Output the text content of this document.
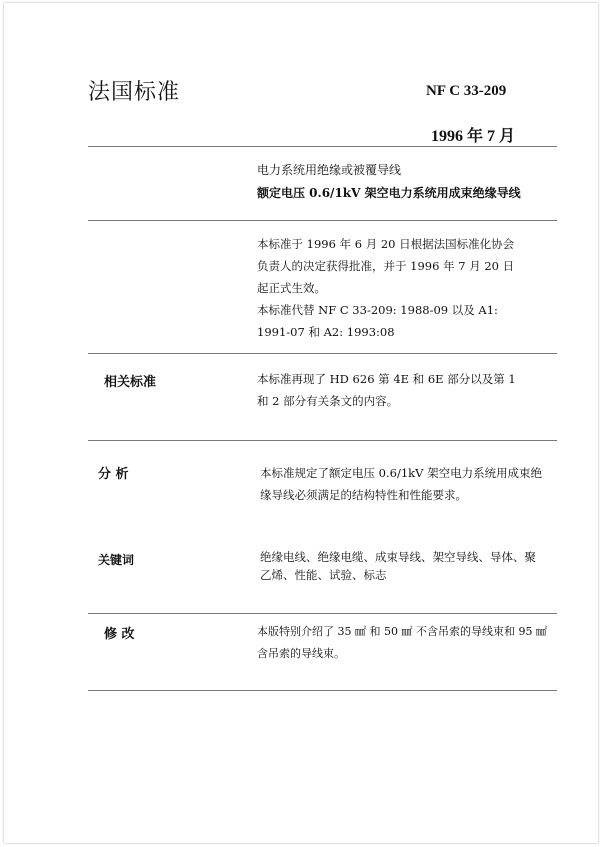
法国标准	NF C 33-209
1996 年 7 月
电力系统用绝缘或被覆导线
额定电压 0.6/1kV 架空电力系统用成束绝缘导线
本标准于 1996 年 6 月 20 日根据法国标准化协会
负责人的决定获得批准，并于 1996 年 7 月 20 日
起正式生效。
本标准代替 NF C 33-209: 1988-09 以及 A1:
1991-07 和 A2: 1993:08
相关标准	本标准再现了 HD 626 第 4E 和 6E 部分以及第 1
和 2 部分有关条文的内容。
分 析	本标准规定了额定电压 0.6/1kV 架空电力系统用成束绝
缘导线必须满足的结构特性和性能要求。
关键词	绝缘电线、绝缘电缆、成束导线、架空导线、导体、聚
乙烯、性能、试验、标志
修 改	本版特别介绍了 35 ㎟ 和 50 ㎟ 不含吊索的导线束和 95 ㎟
含吊索的导线束。
